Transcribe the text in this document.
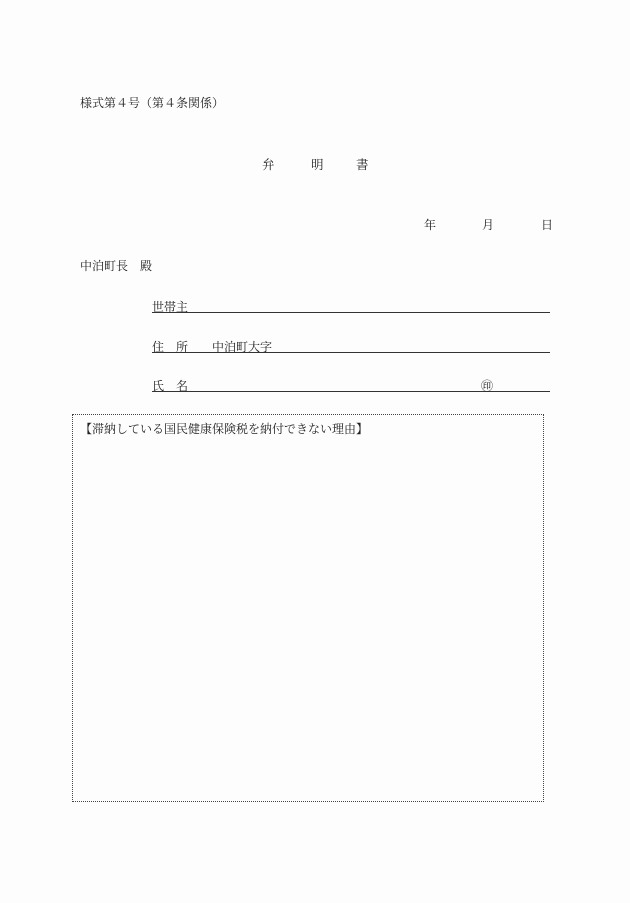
様式第４号（第４条関係）
弁	明	書
年	月	日
中泊町長　殿
世帯主
住　所 中泊町大字
氏　名	㊞
【滞納している国民健康保険税を納付できない理由】
